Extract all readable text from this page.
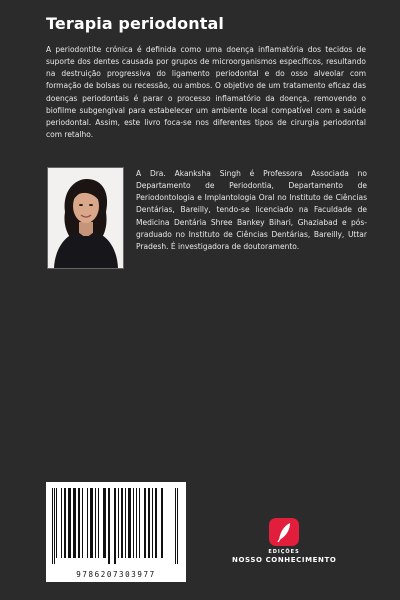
Terapia periodontal
A periodontite crónica é definida como uma doença inflamatória dos tecidos de suporte dos dentes causada por grupos de microorganismos específicos, resultando na destruição progressiva do ligamento periodontal e do osso alveolar com formação de bolsas ou recessão, ou ambos. O objetivo de um tratamento eficaz das doenças periodontais é parar o processo inflamatório da doença, removendo o biofilme subgengival para estabelecer um ambiente local compatível com a saúde periodontal. Assim, este livro foca-se nos diferentes tipos de cirurgia periodontal com retalho.
A Dra. Akanksha Singh é Professora Associada no Departamento de Periodontia, Departamento de Periodontologia e Implantologia Oral no Instituto de Ciências Dentárias, Bareilly, tendo-se licenciado na Faculdade de Medicina Dentária Shree Bankey Bihari, Ghaziabad e pós-graduado no Instituto de Ciências Dentárias, Bareilly, Uttar Pradesh. É investigadora de doutoramento.
9786207303977
EDIÇÕES
NOSSO CONHECIMENTO
